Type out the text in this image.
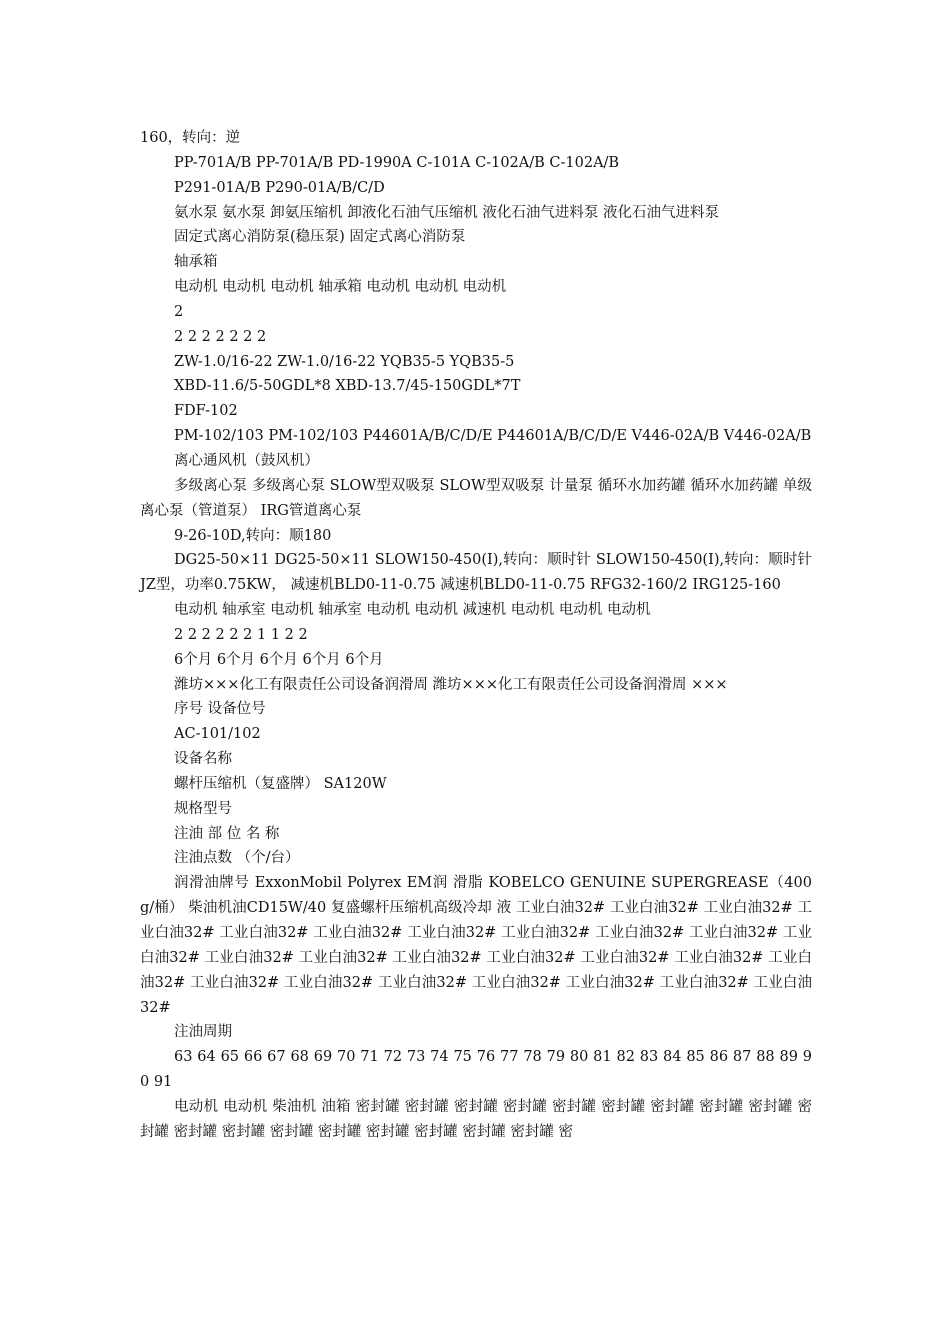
160，转向：逆

PP-701A/B PP-701A/B PD-1990A C-101A C-102A/B C-102A/B

P291-01A/B P290-01A/B/C/D

氨水泵 氨水泵 卸氨压缩机 卸液化石油气压缩机 液化石油气进料泵 液化石油气进料泵

固定式离心消防泵(稳压泵) 固定式离心消防泵

轴承箱

电动机 电动机 电动机 轴承箱 电动机 电动机 电动机

2

2 2 2 2 2 2 2

ZW-1.0/16-22 ZW-1.0/16-22 YQB35-5 YQB35-5

XBD-11.6/5-50GDL*8 XBD-13.7/45-150GDL*7T

FDF-102

PM-102/103 PM-102/103 P44601A/B/C/D/E P44601A/B/C/D/E V446-02A/B V446-02A/B

离心通风机（鼓风机）

多级离心泵 多级离心泵 SLOW型双吸泵 SLOW型双吸泵 计量泵 循环水加药罐 循环水加药罐 单级离心泵（管道泵） IRG管道离心泵

9-26-10D,转向：顺180

DG25-50×11 DG25-50×11 SLOW150-450(I),转向：顺时针 SLOW150-450(I),转向：顺时针 JZ型，功率0.75KW， 减速机BLD0-11-0.75 减速机BLD0-11-0.75 RFG32-160/2 IRG125-160

电动机 轴承室 电动机 轴承室 电动机 电动机 减速机 电动机 电动机 电动机

2 2 2 2 2 2 1 1 2 2

6个月 6个月 6个月 6个月 6个月

潍坊×××化工有限责任公司设备润滑周 潍坊×××化工有限责任公司设备润滑周 ×××

序号 设备位号

AC-101/102

设备名称

螺杆压缩机（复盛牌） SA120W

规格型号

注油 部 位 名 称

注油点数 （个/台）

润滑油牌号 ExxonMobil Polyrex EM润 滑脂 KOBELCO GENUINE SUPERGREASE（400g/桶） 柴油机油CD15W/40 复盛螺杆压缩机高级冷却 液 工业白油32# 工业白油32# 工业白油32# 工业白油32# 工业白油32# 工业白油32# 工业白油32# 工业白油32# 工业白油32# 工业白油32# 工业白油32# 工业白油32# 工业白油32# 工业白油32# 工业白油32# 工业白油32# 工业白油32# 工业白油32# 工业白油32# 工业白油32# 工业白油32# 工业白油32# 工业白油32# 工业白油32# 工业白油32#

注油周期

63 64 65 66 67 68 69 70 71 72 73 74 75 76 77 78 79 80 81 82 83 84 85 86 87 88 89 90 91

电动机 电动机 柴油机 油箱 密封罐 密封罐 密封罐 密封罐 密封罐 密封罐 密封罐 密封罐 密封罐 密封罐 密封罐 密封罐 密封罐 密封罐 密封罐 密封罐 密封罐 密封罐 密
